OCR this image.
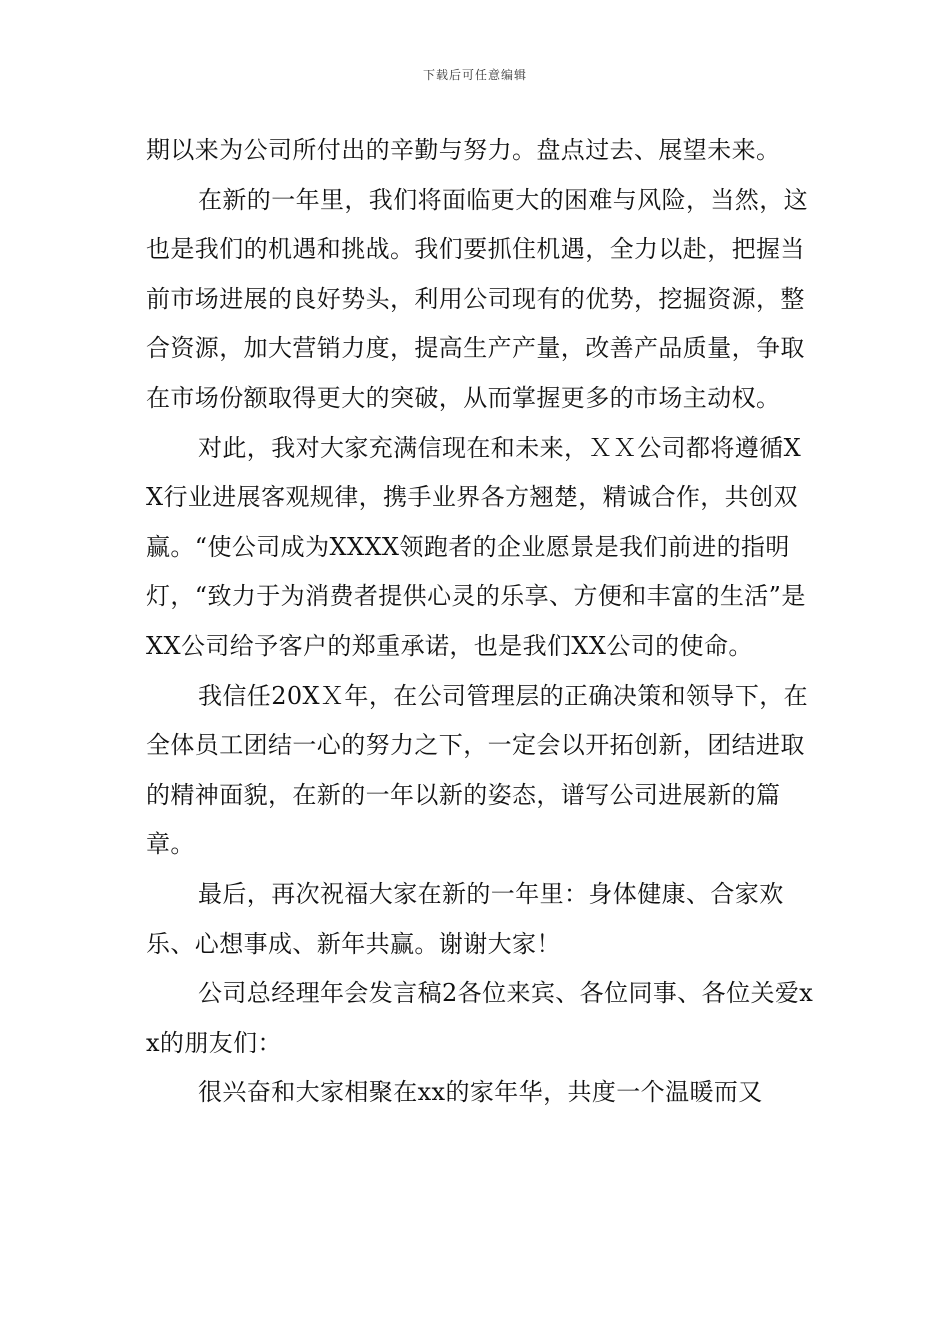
下载后可任意编辑

期以来为公司所付出的辛勤与努力。盘点过去、展望未来。

在新的一年里，我们将面临更大的困难与风险，当然，这也是我们的机遇和挑战。我们要抓住机遇，全力以赴，把握当前市场进展的良好势头，利用公司现有的优势，挖掘资源，整合资源，加大营销力度，提高生产产量，改善产品质量，争取在市场份额取得更大的突破，从而掌握更多的市场主动权。

对此，我对大家充满信现在和未来，ＸＸ公司都将遵循XX行业进展客观规律，携手业界各方翘楚，精诚合作，共创双赢。“使公司成为XXXX领跑者的企业愿景是我们前进的指明灯，“致力于为消费者提供心灵的乐享、方便和丰富的生活”是XX公司给予客户的郑重承诺，也是我们XX公司的使命。

我信任20XＸ年，在公司管理层的正确决策和领导下，在全体员工团结一心的努力之下，一定会以开拓创新，团结进取的精神面貌，在新的一年以新的姿态，谱写公司进展新的篇章。

最后，再次祝福大家在新的一年里：身体健康、合家欢乐、心想事成、新年共赢。谢谢大家！

公司总经理年会发言稿2各位来宾、各位同事、各位关爱xx的朋友们：

很兴奋和大家相聚在xx的家年华，共度一个温暖而又
